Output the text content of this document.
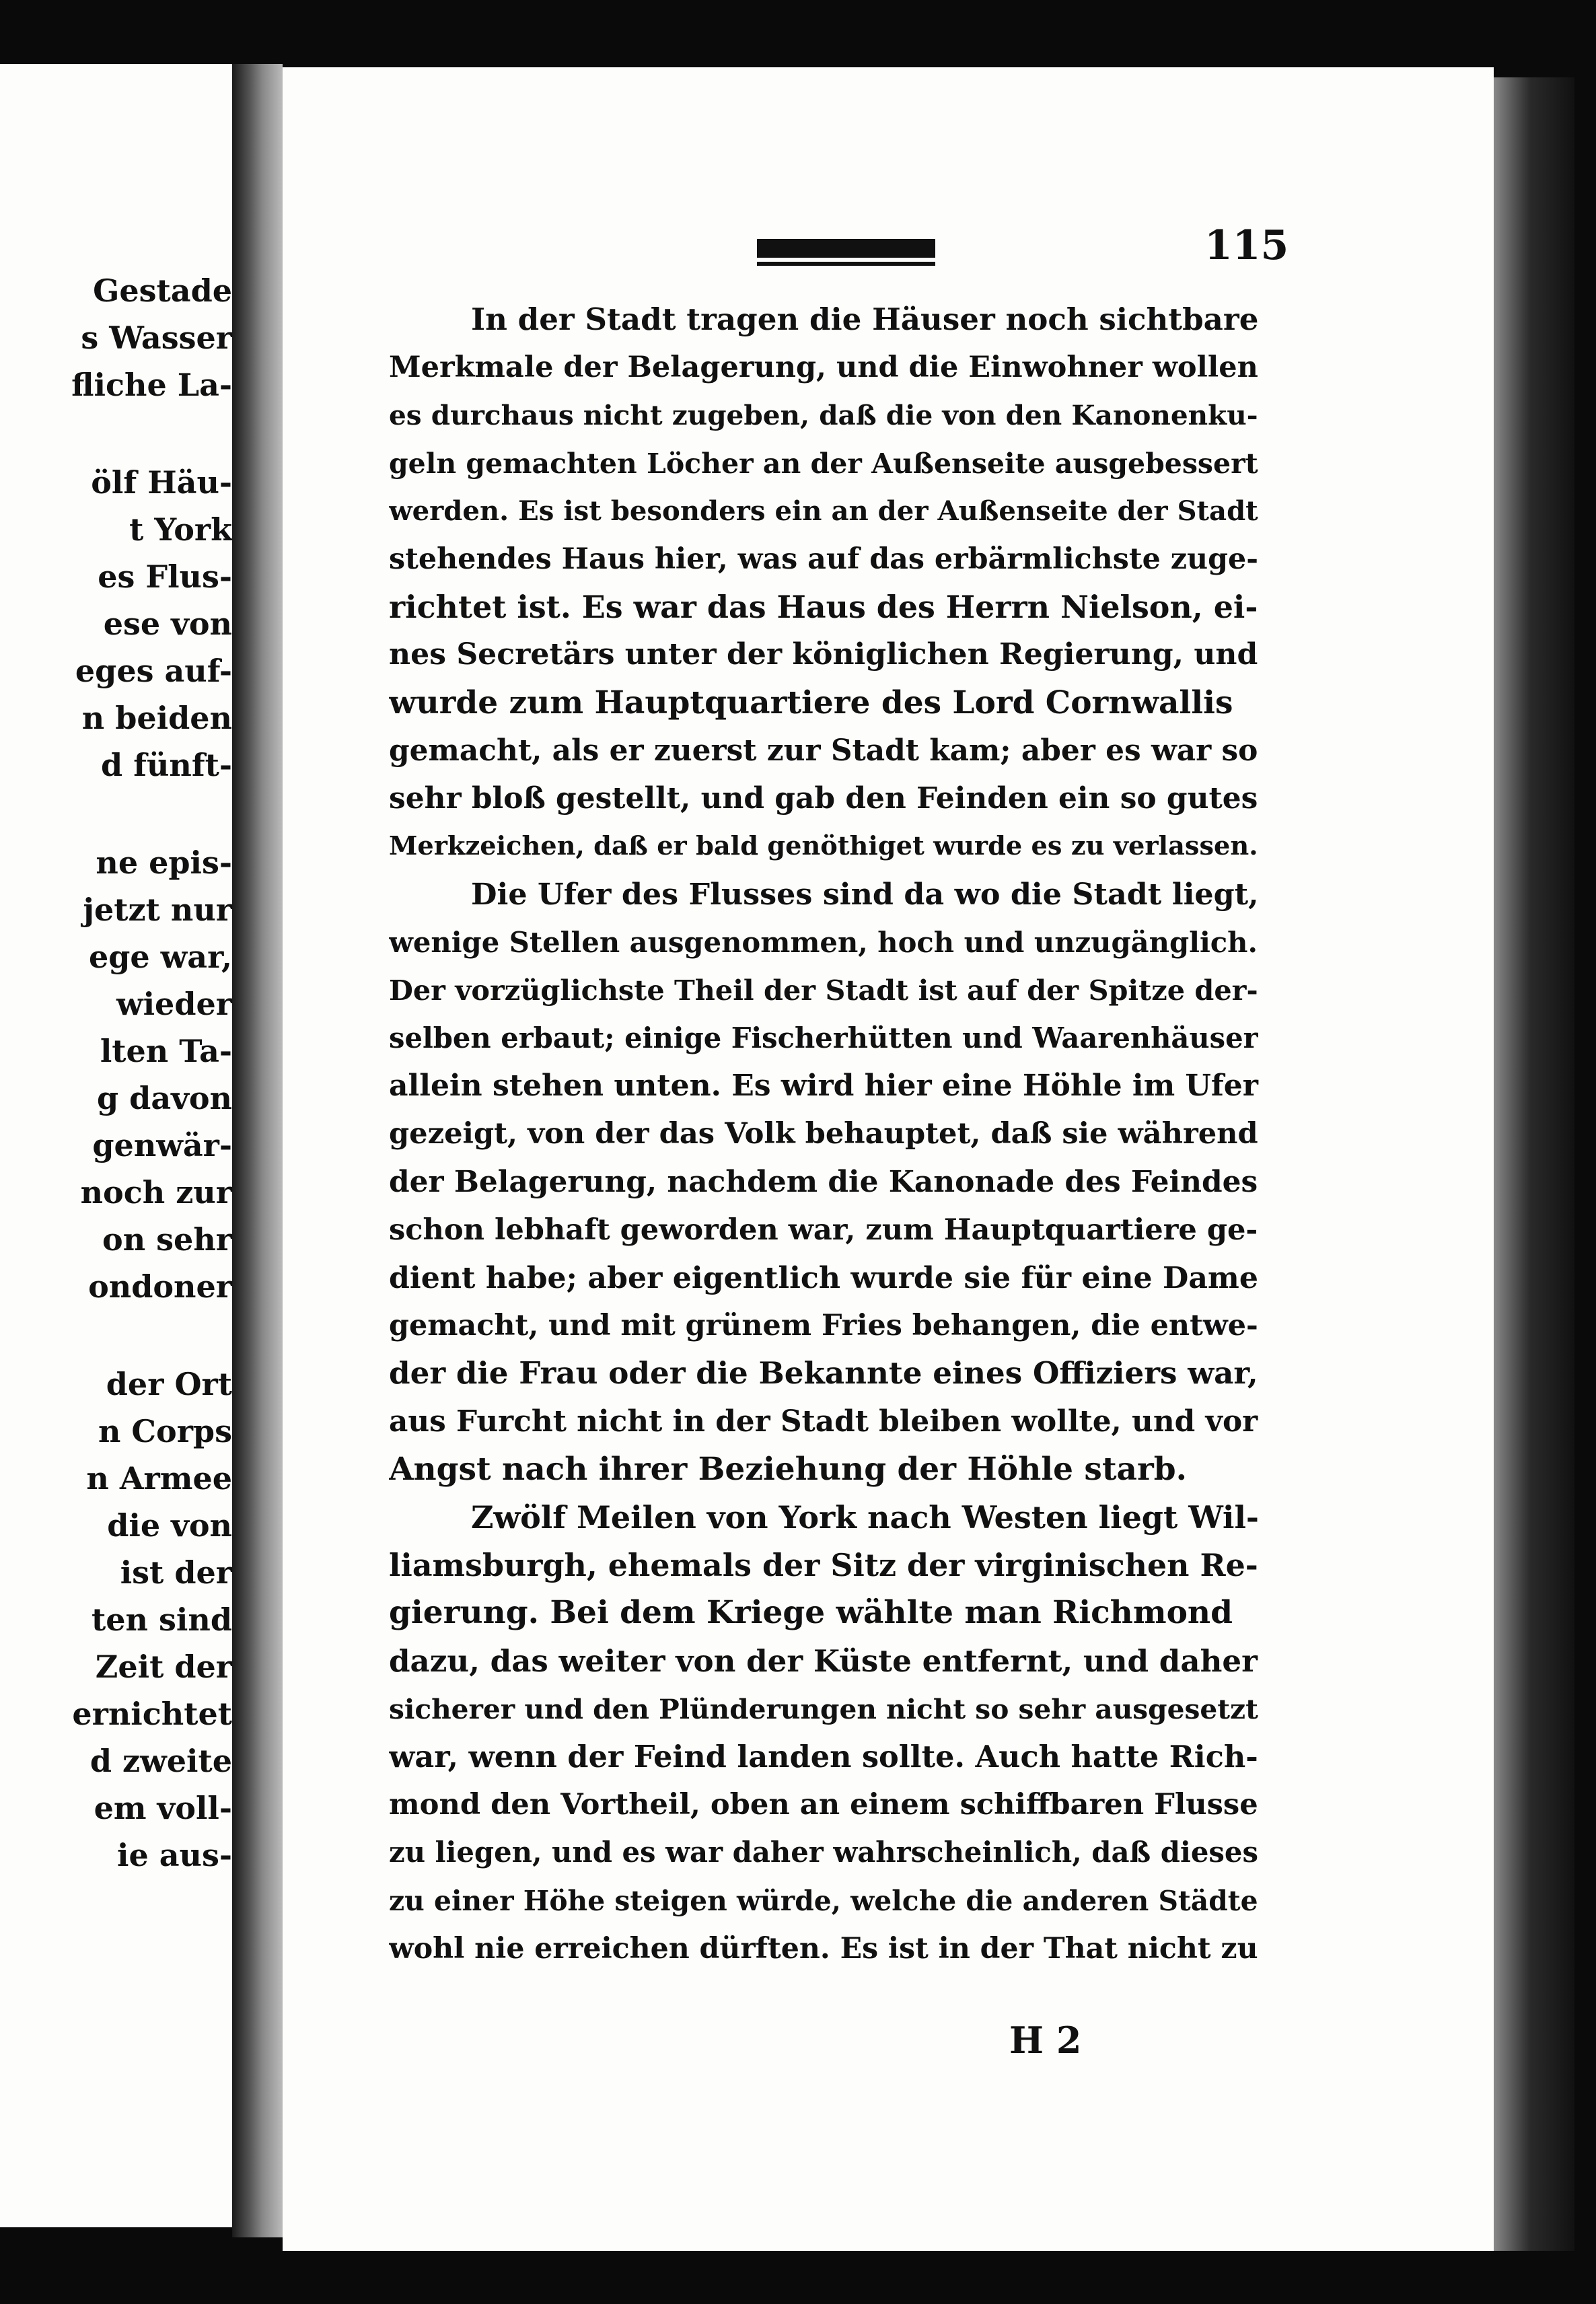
Gestade
s Wasser
fliche La-
ölf Häu-
t York
es Flus-
ese von
eges auf-
n beiden
d fünft-
ne epis-
jetzt nur
ege war,
wieder
lten Ta-
g davon
genwär-
noch zur
on sehr
ondoner
der Ort
n Corps
n Armee
die von
ist der
ten sind
Zeit der
ernichtet
d zweite
em voll-
ie aus-
115
In der Stadt tragen die Häuser noch sichtbare
Merkmale der Belagerung, und die Einwohner wollen
es durchaus nicht zugeben, daß die von den Kanonenku-
geln gemachten Löcher an der Außenseite ausgebessert
werden. Es ist besonders ein an der Außenseite der Stadt
stehendes Haus hier, was auf das erbärmlichste zuge-
richtet ist. Es war das Haus des Herrn Nielson, ei-
nes Secretärs unter der königlichen Regierung, und
wurde zum Hauptquartiere des Lord Cornwallis
gemacht, als er zuerst zur Stadt kam; aber es war so
sehr bloß gestellt, und gab den Feinden ein so gutes
Merkzeichen, daß er bald genöthiget wurde es zu verlassen.
Die Ufer des Flusses sind da wo die Stadt liegt,
wenige Stellen ausgenommen, hoch und unzugänglich.
Der vorzüglichste Theil der Stadt ist auf der Spitze der-
selben erbaut; einige Fischerhütten und Waarenhäuser
allein stehen unten. Es wird hier eine Höhle im Ufer
gezeigt, von der das Volk behauptet, daß sie während
der Belagerung, nachdem die Kanonade des Feindes
schon lebhaft geworden war, zum Hauptquartiere ge-
dient habe; aber eigentlich wurde sie für eine Dame
gemacht, und mit grünem Fries behangen, die entwe-
der die Frau oder die Bekannte eines Offiziers war,
aus Furcht nicht in der Stadt bleiben wollte, und vor
Angst nach ihrer Beziehung der Höhle starb.
Zwölf Meilen von York nach Westen liegt Wil-
liamsburgh, ehemals der Sitz der virginischen Re-
gierung. Bei dem Kriege wählte man Richmond
dazu, das weiter von der Küste entfernt, und daher
sicherer und den Plünderungen nicht so sehr ausgesetzt
war, wenn der Feind landen sollte. Auch hatte Rich-
mond den Vortheil, oben an einem schiffbaren Flusse
zu liegen, und es war daher wahrscheinlich, daß dieses
zu einer Höhe steigen würde, welche die anderen Städte
wohl nie erreichen dürften. Es ist in der That nicht zu
H 2
